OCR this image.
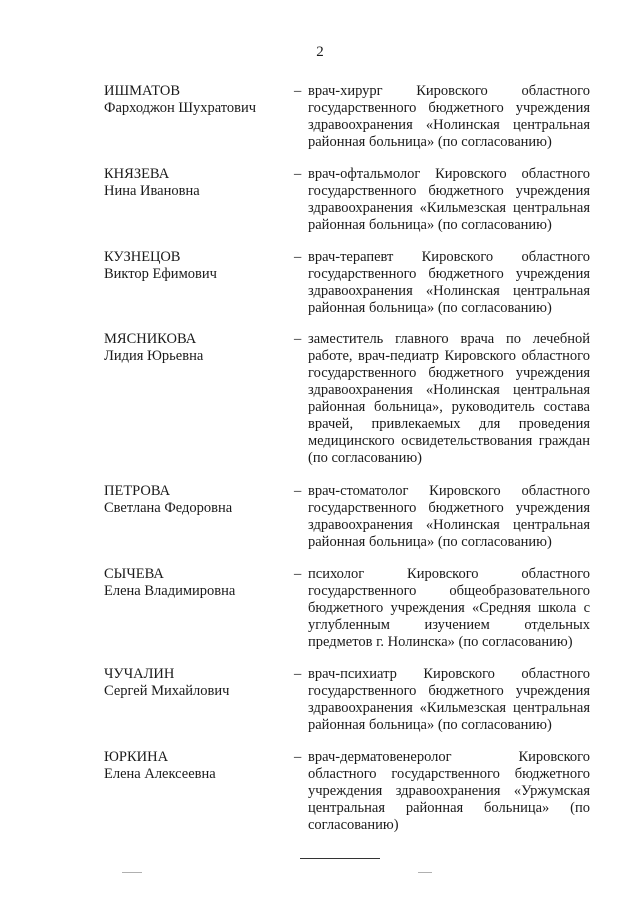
2
ИШМАТОВ
Фарходжон Шухратович
– врач-хирург Кировского областного государственного бюджетного учреждения здравоохранения «Нолинская центральная районная больница» (по согласованию)
КНЯЗЕВА
Нина Ивановна
– врач-офтальмолог Кировского областного государственного бюджетного учреждения здравоохранения «Кильмезская центральная районная больница» (по согласованию)
КУЗНЕЦОВ
Виктор Ефимович
– врач-терапевт Кировского областного государственного бюджетного учреждения здравоохранения «Нолинская центральная районная больница» (по согласованию)
МЯСНИКОВА
Лидия Юрьевна
– заместитель главного врача по лечебной работе, врач-педиатр Кировского областного государственного бюджетного учреждения здравоохранения «Нолинская центральная районная больница», руководитель состава врачей, привлекаемых для проведения медицинского освидетельствования граждан (по согласованию)
ПЕТРОВА
Светлана Федоровна
– врач-стоматолог Кировского областного государственного бюджетного учреждения здравоохранения «Нолинская центральная районная больница» (по согласованию)
СЫЧЕВА
Елена Владимировна
– психолог Кировского областного государственного общеобразовательного бюджетного учреждения «Средняя школа с углубленным изучением отдельных предметов г. Нолинска» (по согласованию)
ЧУЧАЛИН
Сергей Михайлович
– врач-психиатр Кировского областного государственного бюджетного учреждения здравоохранения «Кильмезская центральная районная больница» (по согласованию)
ЮРКИНА
Елена Алексеевна
– врач-дерматовенеролог Кировского областного государственного бюджетного учреждения здравоохранения «Уржумская центральная районная больница» (по согласованию)
